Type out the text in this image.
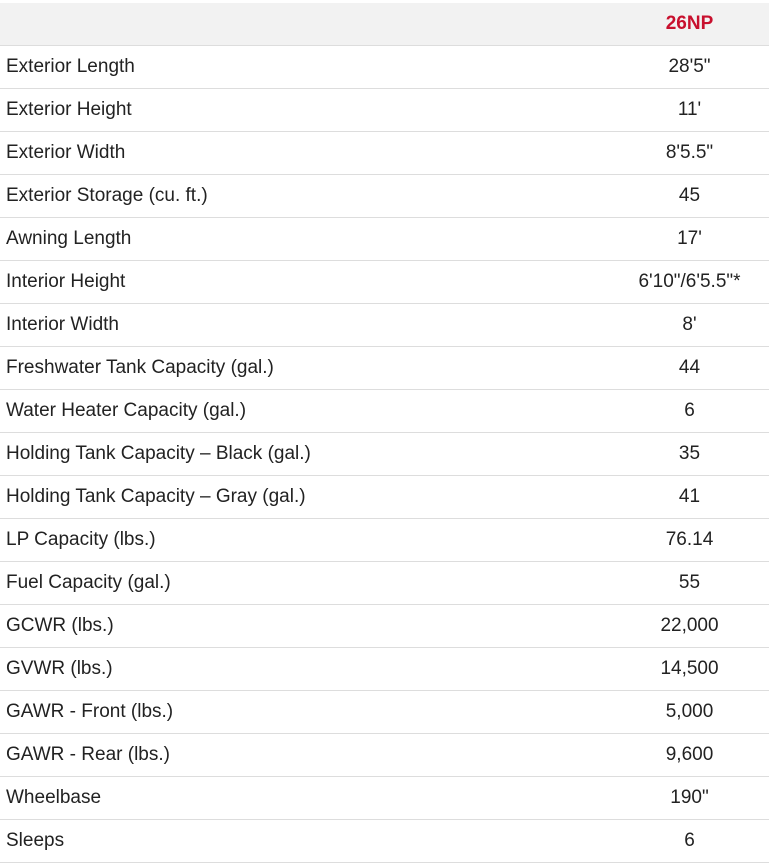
	26NP
Exterior Length	28'5"
Exterior Height	11'
Exterior Width	8'5.5"
Exterior Storage (cu. ft.)	45
Awning Length	17'
Interior Height	6'10"/6'5.5"*
Interior Width	8'
Freshwater Tank Capacity (gal.)	44
Water Heater Capacity (gal.)	6
Holding Tank Capacity – Black (gal.)	35
Holding Tank Capacity – Gray (gal.)	41
LP Capacity (lbs.)	76.14
Fuel Capacity (gal.)	55
GCWR (lbs.)	22,000
GVWR (lbs.)	14,500
GAWR - Front (lbs.)	5,000
GAWR - Rear (lbs.)	9,600
Wheelbase	190"
Sleeps	6
